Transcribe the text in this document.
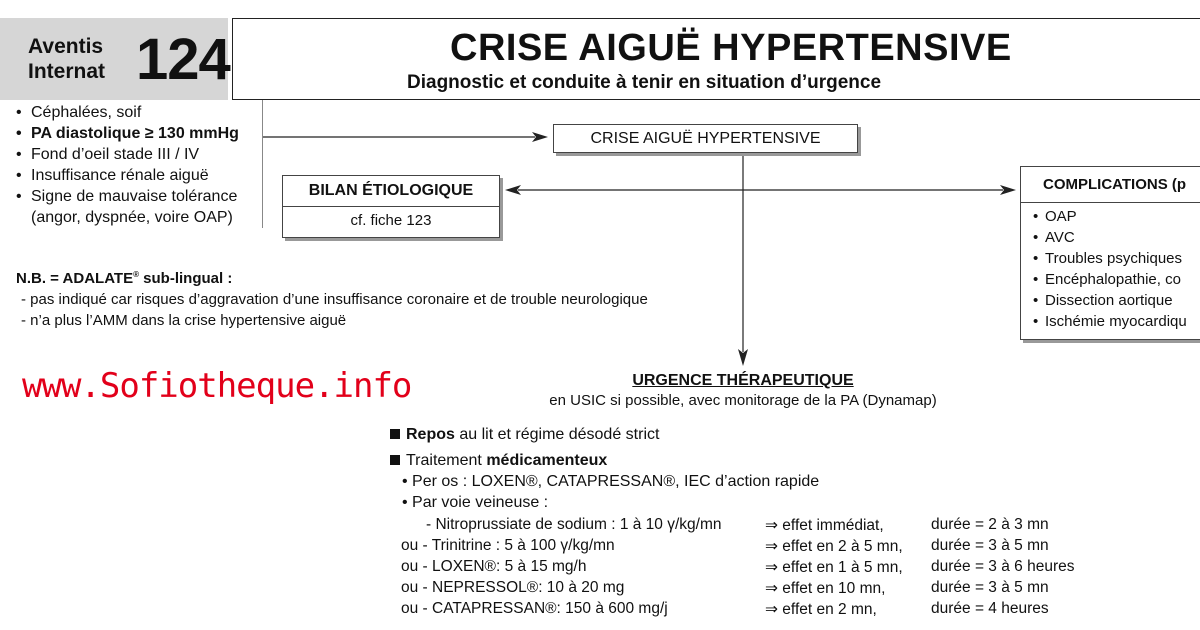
Aventis
Internat 124	CRISE AIGUË HYPERTENSIVE
Diagnostic et conduite à tenir en situation d’urgence
• Céphalées, soif
• PA diastolique ≥ 130 mmHg
• Fond d’oeil stade III / IV
• Insuffisance rénale aiguë
• Signe de mauvaise tolérance
(angor, dyspnée, voire OAP)
CRISE AIGUË HYPERTENSIVE
BILAN ÉTIOLOGIQUE
cf. fiche 123
COMPLICATIONS (p
• OAP
• AVC
• Troubles psychiques
• Encéphalopathie, co
• Dissection aortique
• Ischémie myocardiqu
N.B. = ADALATE® sub-lingual :
- pas indiqué car risques d’aggravation d’une insuffisance coronaire et de trouble neurologique
- n’a plus l’AMM dans la crise hypertensive aiguë
www.Sofiotheque.info	URGENCE THÉRAPEUTIQUE
en USIC si possible, avec monitorage de la PA (Dynamap)
Repos au lit et régime désodé strict
Traitement médicamenteux
• Per os : LOXEN®, CATAPRESSAN®, IEC d’action rapide
• Par voie veineuse :
- Nitroprussiate de sodium : 1 à 10 γ/kg/mn	⇒ effet immédiat,	durée = 2 à 3 mn
ou - Trinitrine : 5 à 100 γ/kg/mn	⇒ effet en 2 à 5 mn, durée = 3 à 5 mn
ou - LOXEN®: 5 à 15 mg/h	⇒ effet en 1 à 5 mn, durée = 3 à 6 heures
ou - NEPRESSOL®: 10 à 20 mg	⇒ effet en 10 mn,	durée = 3 à 5 mn
ou - CATAPRESSAN®: 150 à 600 mg/j	⇒ effet en 2 mn,	durée = 4 heures
